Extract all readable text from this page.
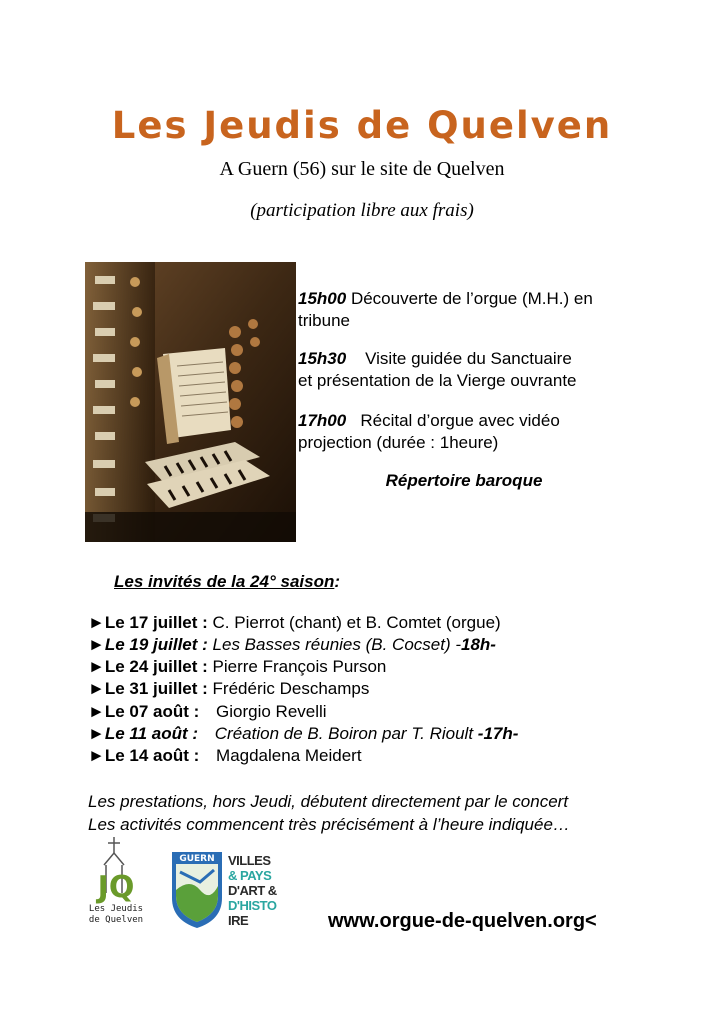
Les Jeudis de Quelven
A Guern (56) sur le site de Quelven
(participation libre aux frais)
15h00 Découverte de l’orgue (M.H.) en
tribune
15h30 Visite guidée du Sanctuaire
et présentation de la Vierge ouvrante
17h00 Récital d’orgue avec vidéo
projection (durée : 1heure)
Répertoire baroque
Les invités de la 24° saison:
►Le 17 juillet : C. Pierrot (chant) et B. Comtet (orgue)
►Le 19 juillet : Les Basses réunies (B. Cocset) -18h-
►Le 24 juillet : Pierre François Purson
►Le 31 juillet : Frédéric Deschamps
►Le 07 août : Giorgio Revelli
►Le 11 août : Création de B. Boiron par T. Rioult -17h-
►Le 14 août : Magdalena Meidert
Les prestations, hors Jeudi, débutent directement par le concert
Les activités commencent très précisément à l’heure indiquée…
JQ
Les Jeudis
de Quelven
GUERN VILLES
& PAYS
D'ART &
D'HISTO
IRE	www.orgue-de-quelven.org<
